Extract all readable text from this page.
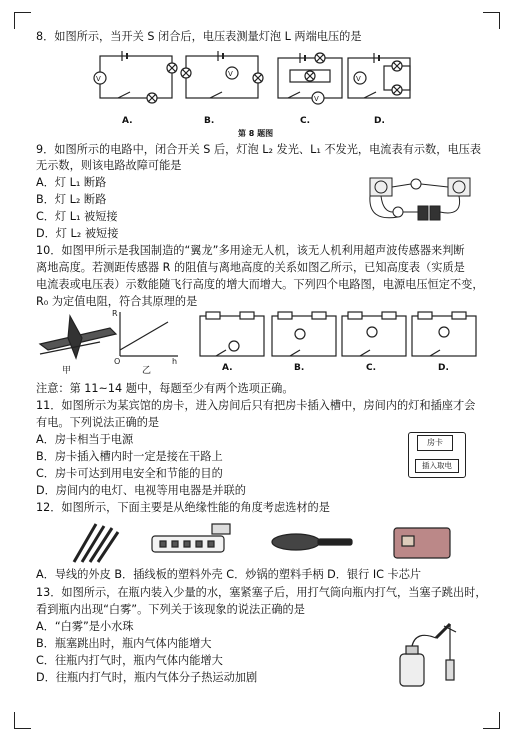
8．如图所示，当开关 S 闭合后，电压表测量灯泡 L 两端电压的是
V
V
V
V
A.	B.	C.	D.
第 8 题图
9．如图所示的电路中，闭合开关 S 后，灯泡 L₂ 发光、L₁ 不发光，电流表有示数，电压表
无示数，则该电路故障可能是
A．灯 L₁ 断路
B．灯 L₂ 断路
C．灯 L₁ 被短接
D．灯 L₂ 被短接
10．如图甲所示是我国制造的“翼龙”多用途无人机，该无人机利用超声波传感器来判断
离地高度。若测距传感器 R 的阻值与离地高度的关系如图乙所示，已知高度表（实质是
电流表或电压表）示数能随飞行高度的增大而增大。下列四个电路图，电源电压恒定不变，
R₀ 为定值电阻，符合其原理的是
R
O	h
甲	乙	A.	B.	C.	D.
注意：第 11~14 题中，每题至少有两个选项正确。
11．如图所示为某宾馆的房卡，进入房间后只有把房卡插入槽中，房间内的灯和插座才会
有电。下列说法正确的是
A．房卡相当于电源
B．房卡插入槽内时一定是接在干路上
C．房卡可达到用电安全和节能的目的
D．房间内的电灯、电视等用电器是并联的
房卡
插入取电
12．如图所示，下面主要是从绝缘性能的角度考虑选材的是
A．导线的外皮 B．插线板的塑料外壳 C．炒锅的塑料手柄 D．银行 IC 卡芯片
13．如图所示，在瓶内装入少量的水，塞紧塞子后，用打气筒向瓶内打气，当塞子跳出时，
看到瓶内出现“白雾”。下列关于该现象的说法正确的是
A．“白雾”是小水珠
B．瓶塞跳出时，瓶内气体内能增大
C．往瓶内打气时，瓶内气体内能增大
D．往瓶内打气时，瓶内气体分子热运动加剧
